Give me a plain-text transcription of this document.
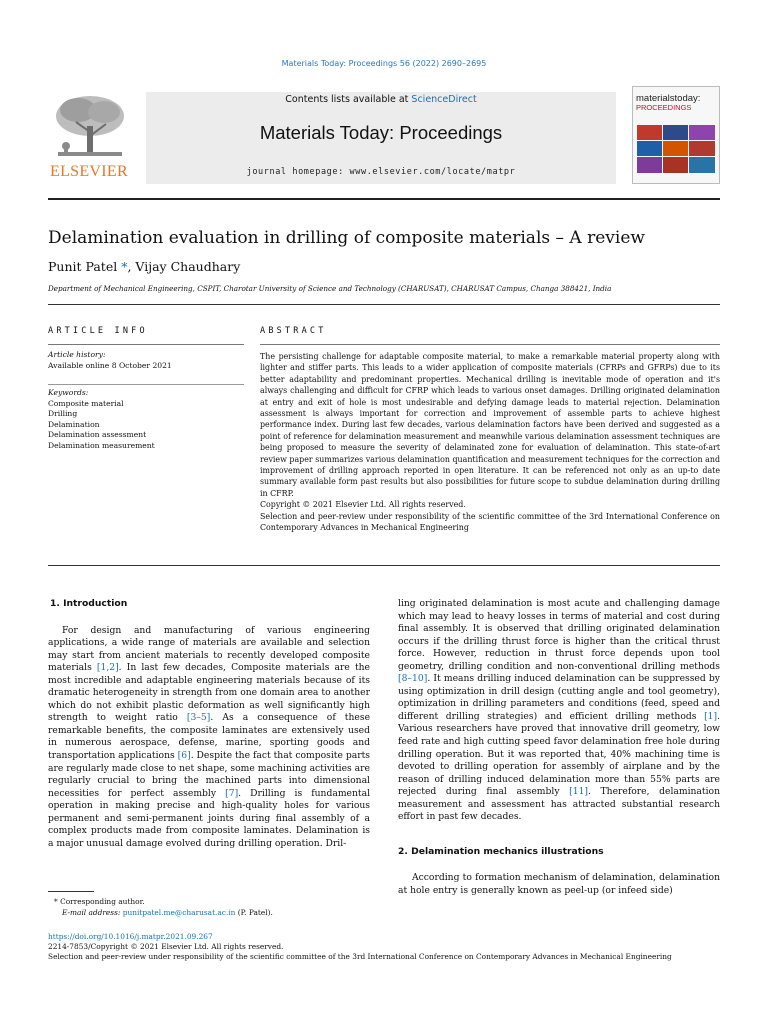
Materials Today: Proceedings 56 (2022) 2690–2695
ELSEVIER
Contents lists available at ScienceDirect
Materials Today: Proceedings
journal homepage: www.elsevier.com/locate/matpr
materialstoday:
PROCEEDINGS
Delamination evaluation in drilling of composite materials – A review
Punit Patel *, Vijay Chaudhary
Department of Mechanical Engineering, CSPIT, Charotar University of Science and Technology (CHARUSAT), CHARUSAT Campus, Changa 388421, India
ARTICLE INFO	ABSTRACT
Article history:
Available online 8 October 2021
Keywords:
Composite material
Drilling
Delamination
Delamination assessment
Delamination measurement

The persisting challenge for adaptable composite material, to make a remarkable material property along with lighter and stiffer parts. This leads to a wider application of composite materials (CFRPs and GFRPs) due to its better adaptability and predominant properties. Mechanical drilling is inevitable mode of operation and it's always challenging and difficult for CFRP which leads to various onset damages. Drilling originated delamination at entry and exit of hole is most undesirable and defying damage leads to material rejection. Delamination assessment is always important for correction and improvement of assemble parts to achieve highest performance index. During last few decades, various delamination factors have been derived and suggested as a point of reference for delamination measurement and meanwhile various delamination assessment techniques are being proposed to measure the severity of delaminated zone for evaluation of delamination. This state-of-art review paper summarizes various delamination quantification and measurement techniques for the correction and improvement of drilling approach reported in open literature. It can be referenced not only as an up-to date summary available form past results but also possibilities for future scope to subdue delamination during drilling in CFRP.

Copyright © 2021 Elsevier Ltd. All rights reserved.

Selection and peer-review under responsibility of the scientific committee of the 3rd International Conference on Contemporary Advances in Mechanical Engineering

1. Introduction

For design and manufacturing of various engineering applications, a wide range of materials are available and selection may start from ancient materials to recently developed composite materials [1,2]. In last few decades, Composite materials are the most incredible and adaptable engineering materials because of its dramatic heterogeneity in strength from one domain area to another which do not exhibit plastic deformation as well significantly high strength to weight ratio [3–5]. As a consequence of these remarkable benefits, the composite laminates are extensively used in numerous aerospace, defense, marine, sporting goods and transportation applications [6]. Despite the fact that composite parts are regularly made close to net shape, some machining activities are regularly crucial to bring the machined parts into dimensional necessities for perfect assembly [7]. Drilling is fundamental operation in making precise and high-quality holes for various permanent and semi-permanent joints during final assembly of a complex products made from composite laminates. Delamination is a major unusual damage evolved during drilling operation. Dril-

ling originated delamination is most acute and challenging damage which may lead to heavy losses in terms of material and cost during final assembly. It is observed that drilling originated delamination occurs if the drilling thrust force is higher than the critical thrust force. However, reduction in thrust force depends upon tool geometry, drilling condition and non-conventional drilling methods [8–10]. It means drilling induced delamination can be suppressed by using optimization in drill design (cutting angle and tool geometry), optimization in drilling parameters and conditions (feed, speed and different drilling strategies) and efficient drilling methods [1]. Various researchers have proved that innovative drill geometry, low feed rate and high cutting speed favor delamination free hole during drilling operation. But it was reported that, 40% machining time is devoted to drilling operation for assembly of airplane and by the reason of drilling induced delamination more than 55% parts are rejected during final assembly [11]. Therefore, delamination measurement and assessment has attracted substantial research effort in past few decades.

2. Delamination mechanics illustrations

According to formation mechanism of delamination, delamination at hole entry is generally known as peel-up (or infeed side)

* Corresponding author.
E-mail address: punitpatel.me@charusat.ac.in (P. Patel).
https://doi.org/10.1016/j.matpr.2021.09.267
2214-7853/Copyright © 2021 Elsevier Ltd. All rights reserved.
Selection and peer-review under responsibility of the scientific committee of the 3rd International Conference on Contemporary Advances in Mechanical Engineering
